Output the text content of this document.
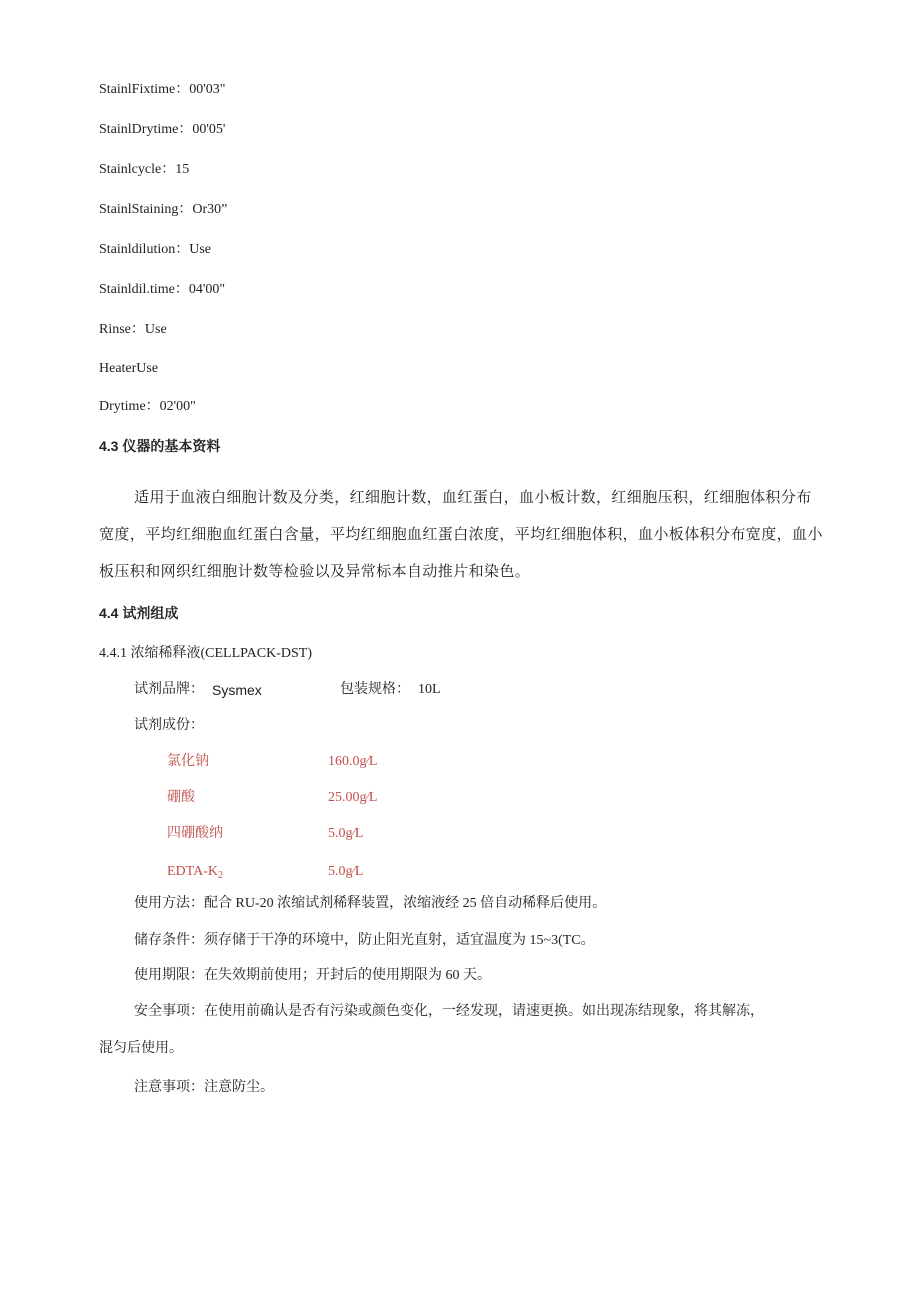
StainlFixtime：00'03"
StainlDrytime：00'05'
Stainlcycle：15
StainlStaining：Or30”
Stainldilution：Use
Stainldil.time：04'00"
Rinse：Use
HeaterUse
Drytime：02'00"
4.3 仪器的基本资料
适用于血液白细胞计数及分类，红细胞计数，血红蛋白，血小板计数，红细胞压积，红细胞体积分布
宽度，平均红细胞血红蛋白含量，平均红细胞血红蛋白浓度，平均红细胞体积，血小板体积分布宽度，血小
板压积和网织红细胞计数等检验以及异常标本自动推片和染色。
4.4 试剂组成
4.4.1 浓缩稀释液(CELLPACK-DST)
试剂品牌： Sysmex	包装规格： 10L
试剂成份：
氯化钠	160.0g∕L
硼酸	25.00g∕L
四硼酸纳	5.0g∕L
EDTA-$K_2$	5.0g∕L
使用方法：配合 RU-20 浓缩试剂稀释装置，浓缩液经 25 倍自动稀释后使用。
储存条件：须存储于干净的环境中，防止阳光直射，适宜温度为 15~3(TC。
使用期限：在失效期前使用；开封后的使用期限为 60 天。
安全事项：在使用前确认是否有污染或颜色变化，一经发现，请速更换。如出现冻结现象，将其解冻，
混匀后使用。
注意事项：注意防尘。
